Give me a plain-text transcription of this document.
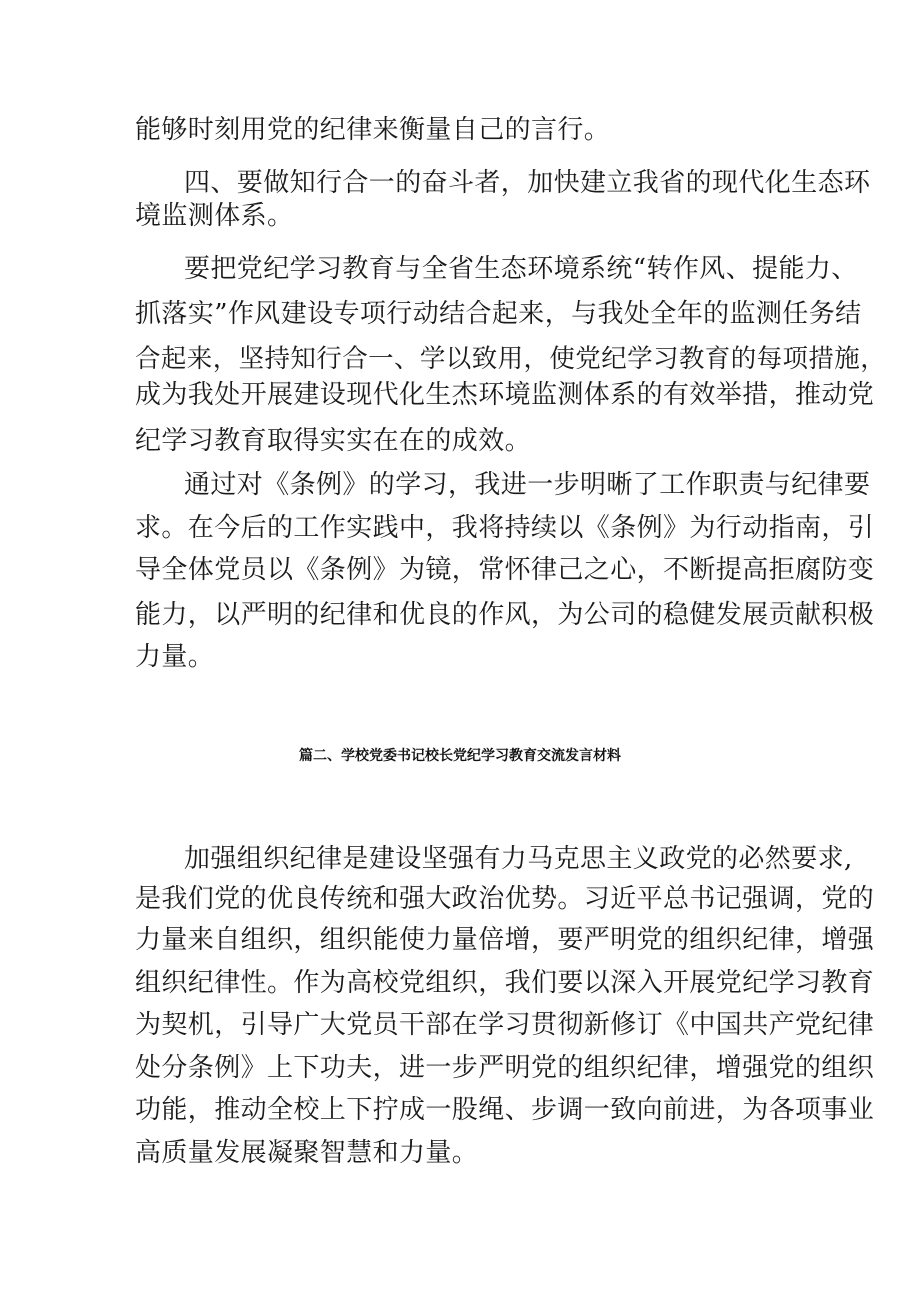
能够时刻用党的纪律来衡量自己的言行。
四、要做知行合一的奋斗者，加快建立我省的现代化生态环
境监测体系。
要把党纪学习教育与全省生态环境系统“转作风、提能力、
抓落实”作风建设专项行动结合起来，与我处全年的监测任务结
合起来，坚持知行合一、学以致用，使党纪学习教育的每项措施，
成为我处开展建设现代化生杰环境监测体系的有效举措，推动党
纪学习教育取得实实在在的成效。
通过对《条例》的学习，我进一步明晰了工作职责与纪律要
求。在今后的工作实践中，我将持续以《条例》为行动指南，引
导全体党员以《条例》为镜，常怀律己之心，不断提高拒腐防变
能力，以严明的纪律和优良的作风，为公司的稳健发展贡献积极
力量。
篇二、学校党委书记校长党纪学习教育交流发言材料
加强组织纪律是建设坚强有力马克思主义政党的必然要求,
是我们党的优良传统和强大政治优势。习近平总书记强调，党的
力量来自组织，组织能使力量倍增，要严明党的组织纪律，增强
组织纪律性。作为高校党组织，我们要以深入开展党纪学习教育
为契机，引导广大党员干部在学习贯彻新修订《中国共产党纪律
处分条例》上下功夫，进一步严明党的组织纪律，增强党的组织
功能，推动全校上下拧成一股绳、步调一致向前进，为各项事业
高质量发展凝聚智慧和力量。
